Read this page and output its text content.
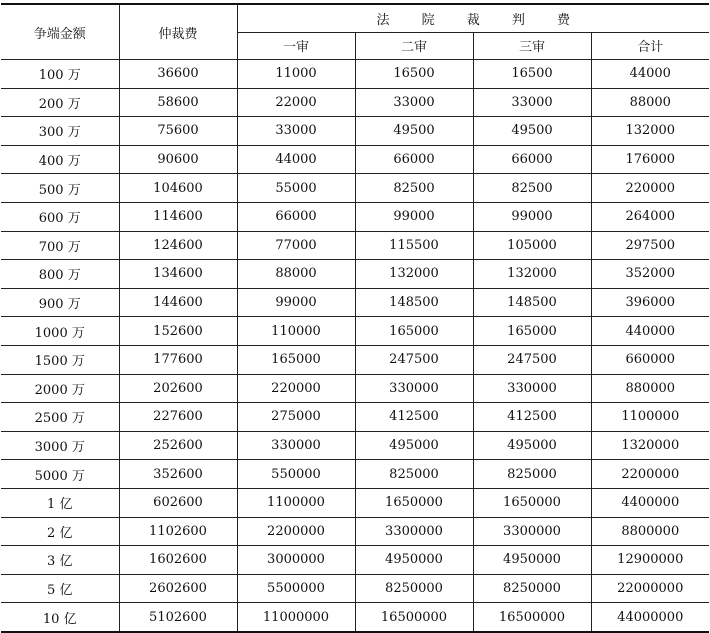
争端金额	仲裁费	法 院 裁 判 费			
		一审	二审	三审	合计
100 万	36600	11000	16500	16500	44000
200 万	58600	22000	33000	33000	88000
300 万	75600	33000	49500	49500	132000
400 万	90600	44000	66000	66000	176000
500 万	104600	55000	82500	82500	220000
600 万	114600	66000	99000	99000	264000
700 万	124600	77000	115500	105000	297500
800 万	134600	88000	132000	132000	352000
900 万	144600	99000	148500	148500	396000
1000 万	152600	110000	165000	165000	440000
1500 万	177600	165000	247500	247500	660000
2000 万	202600	220000	330000	330000	880000
2500 万	227600	275000	412500	412500	1100000
3000 万	252600	330000	495000	495000	1320000
5000 万	352600	550000	825000	825000	2200000
1 亿	602600	1100000	1650000	1650000	4400000
2 亿	1102600	2200000	3300000	3300000	8800000
3 亿	1602600	3000000	4950000	4950000	12900000
5 亿	2602600	5500000	8250000	8250000	22000000
10 亿	5102600	11000000	16500000	16500000	44000000
